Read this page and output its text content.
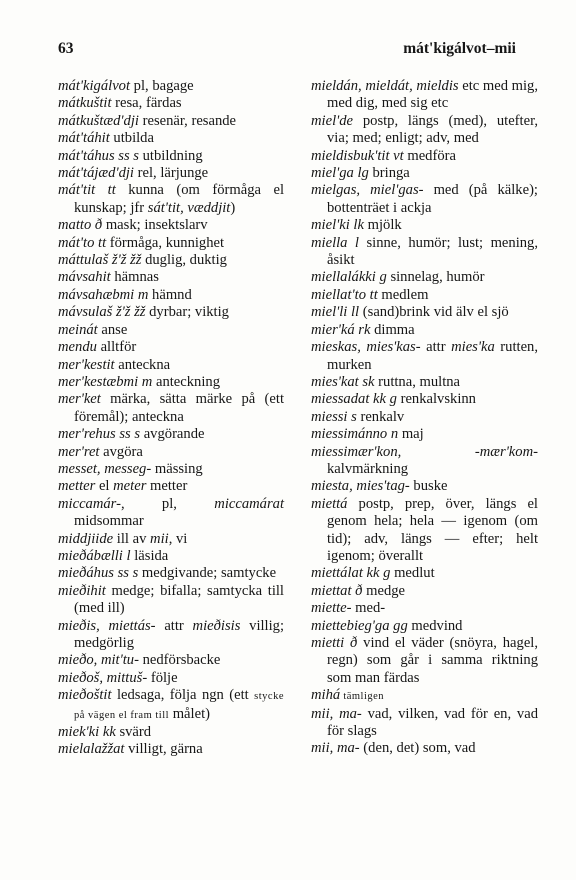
63	mát'kigálvot–mii
mát'kigálvot pl, bagage
mátkuštit resa, färdas
mátkuštæd'dji resenär, resande
mát'táhit utbilda
mát'táhus ss s utbildning
mát'tájæd'dji rel, lärjunge
mát'tit tt kunna (om förmåga el kunskap; jfr sát'tit, væddjit)
matto ð mask; insektslarv
mát'to tt förmåga, kunnighet
máttulaš ž'ž žž duglig, duktig
mávsahit hämnas
mávsahæbmi m hämnd
mávsulaš ž'ž žž dyrbar; viktig
meinát anse
mendu alltför
mer'kestit anteckna
mer'kestæbmi m anteckning
mer'ket märka, sätta märke på (ett föremål); anteckna
mer'rehus ss s avgörande
mer'ret avgöra
messet, messeg- mässing
metter el meter metter
miccamár-, pl, miccamárat midsommar
middjiide ill av mii, vi
mieðábælli l läsida
mieðáhus ss s medgivande; samtycke
mieðihit medge; bifalla; samtycka till (med ill)
mieðis, miettás- attr mieðisis villig; medgörlig
mieðo, mit'tu- nedförsbacke
mieðoš, mittuš- följe
mieðoštit ledsaga, följa ngn (ett stycke på vägen el fram till målet)
miek'ki kk svärd
mielalažžat villigt, gärna
mieldán, mieldát, mieldis etc med mig, med dig, med sig etc
miel'de postp, längs (med), utefter, via; med; enligt; adv, med
mieldisbuk'tit vt medföra
miel'ga lg bringa
mielgas, miel'gas- med (på kälke); bottenträet i ackja
miel'ki lk mjölk
miella l sinne, humör; lust; mening, åsikt
miellalákki g sinnelag, humör
miellat'to tt medlem
miel'li ll (sand)brink vid älv el sjö
mier'ká rk dimma
mieskas, mies'kas- attr mies'ka rutten, murken
mies'kat sk ruttna, multna
miessadat kk g renkalvskinn
miessi s renkalv
miessimánno n maj
miessimær'kon, -mær'kom- kalvmärkning
miesta, mies'tag- buske
miettá postp, prep, över, längs el genom hela; hela — igenom (om tid); adv, längs — efter; helt igenom; överallt
miettálat kk g medlut
miettat ð medge
miette- med-
miettebieg'ga gg medvind
mietti ð vind el väder (snöyra, hagel, regn) som går i samma riktning som man färdas
mihá tämligen
mii, ma- vad, vilken, vad för en, vad för slags
mii, ma- (den, det) som, vad
